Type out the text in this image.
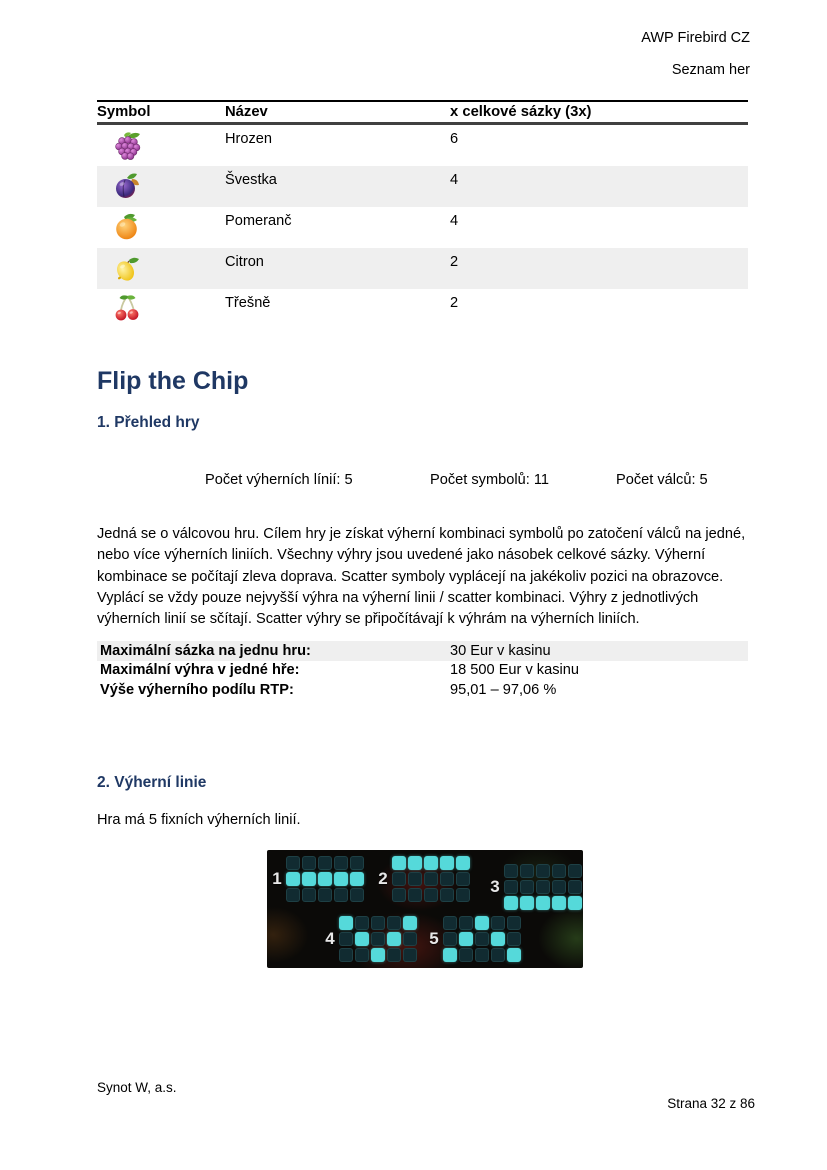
AWP Firebird CZ
Seznam her
Symbol	Název	x celkové sázky (3x)
Hrozen	6
Švestka	4
Pomeranč	4
Citron	2
Třešně	2
Flip the Chip
1. Přehled hry
Počet výherních línií: 5	Počet symbolů: 11	Počet válců: 5
Jedná se o válcovou hru. Cílem hry je získat výherní kombinaci symbolů po zatočení válců na jedné, nebo více výherních liniích. Všechny výhry jsou uvedené jako násobek celkové sázky. Výherní kombinace se počítají zleva doprava. Scatter symboly vyplácejí na jakékoliv pozici na obrazovce. Vyplácí se vždy pouze nejvyšší výhra na výherní linii / scatter kombinaci. Výhry z jednotlivých výherních linií se sčítají. Scatter výhry se připočítávají k výhrám na výherních liniích.
Maximální sázka na jednu hru:	30 Eur v kasinu
Maximální výhra v jedné hře:	18 500 Eur v kasinu
Výše výherního podílu RTP:	95,01 – 97,06 %
2. Výherní linie
Hra má 5 fixních výherních linií.
1	2	3
4	5
Synot W, a.s.
Strana 32 z 86
